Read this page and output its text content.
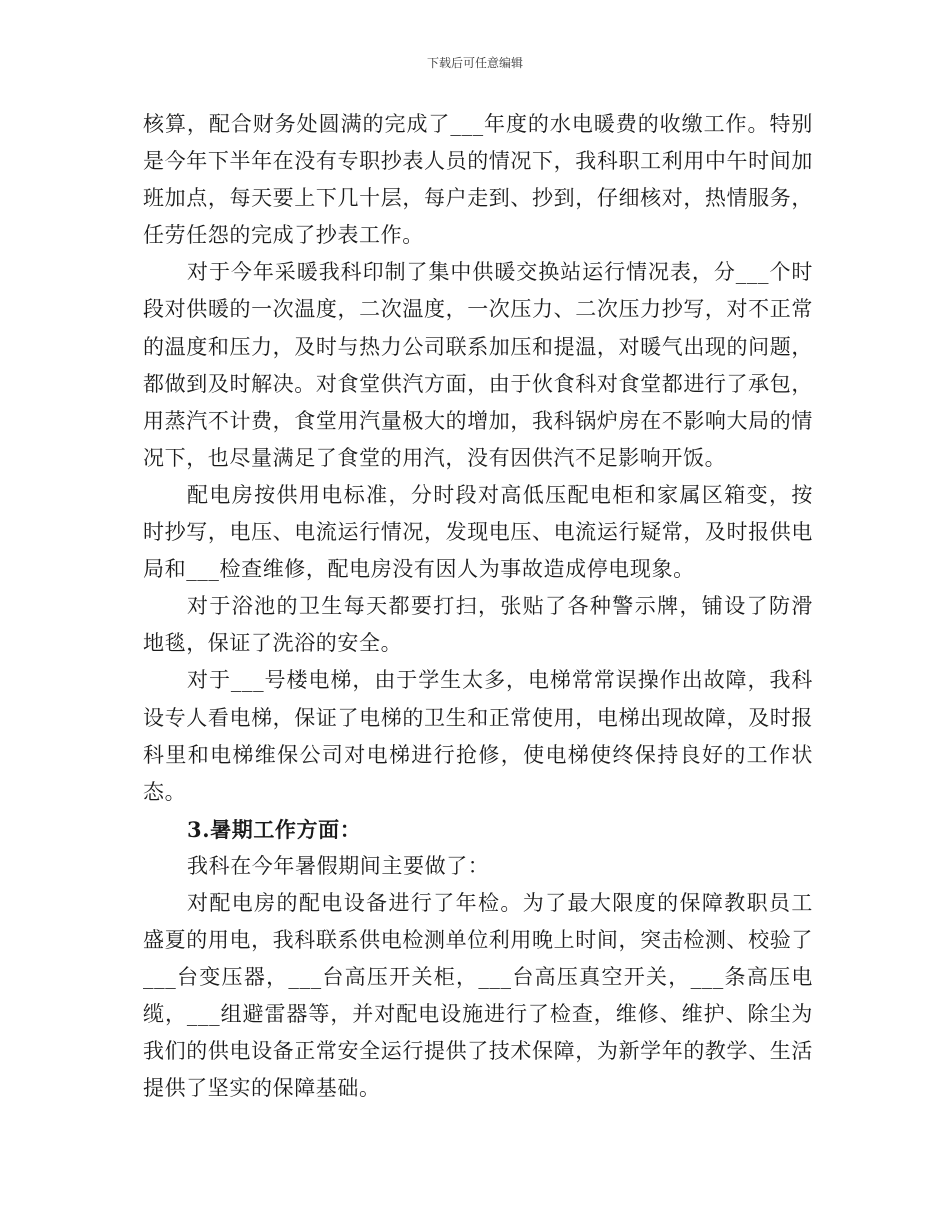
下载后可任意编辑

核算，配合财务处圆满的完成了___年度的水电暖费的收缴工作。特别是今年下半年在没有专职抄表人员的情况下，我科职工利用中午时间加班加点，每天要上下几十层，每户走到、抄到，仔细核对，热情服务，任劳任怨的完成了抄表工作。

对于今年采暖我科印制了集中供暖交换站运行情况表，分___个时段对供暖的一次温度，二次温度，一次压力、二次压力抄写，对不正常的温度和压力，及时与热力公司联系加压和提温，对暖气出现的问题，都做到及时解决。对食堂供汽方面，由于伙食科对食堂都进行了承包，用蒸汽不计费，食堂用汽量极大的增加，我科锅炉房在不影响大局的情况下，也尽量满足了食堂的用汽，没有因供汽不足影响开饭。

配电房按供用电标准，分时段对高低压配电柜和家属区箱变，按时抄写，电压、电流运行情况，发现电压、电流运行疑常，及时报供电局和___检查维修，配电房没有因人为事故造成停电现象。

对于浴池的卫生每天都要打扫，张贴了各种警示牌，铺设了防滑地毯，保证了洗浴的安全。

对于___号楼电梯，由于学生太多，电梯常常误操作出故障，我科设专人看电梯，保证了电梯的卫生和正常使用，电梯出现故障，及时报科里和电梯维保公司对电梯进行抢修，使电梯使终保持良好的工作状态。

3.暑期工作方面：

我科在今年暑假期间主要做了：

对配电房的配电设备进行了年检。为了最大限度的保障教职员工盛夏的用电，我科联系供电检测单位利用晚上时间，突击检测、校验了___台变压器，___台高压开关柜，___台高压真空开关，___条高压电缆，___组避雷器等，并对配电设施进行了检查，维修、维护、除尘为我们的供电设备正常安全运行提供了技术保障，为新学年的教学、生活提供了坚实的保障基础。
